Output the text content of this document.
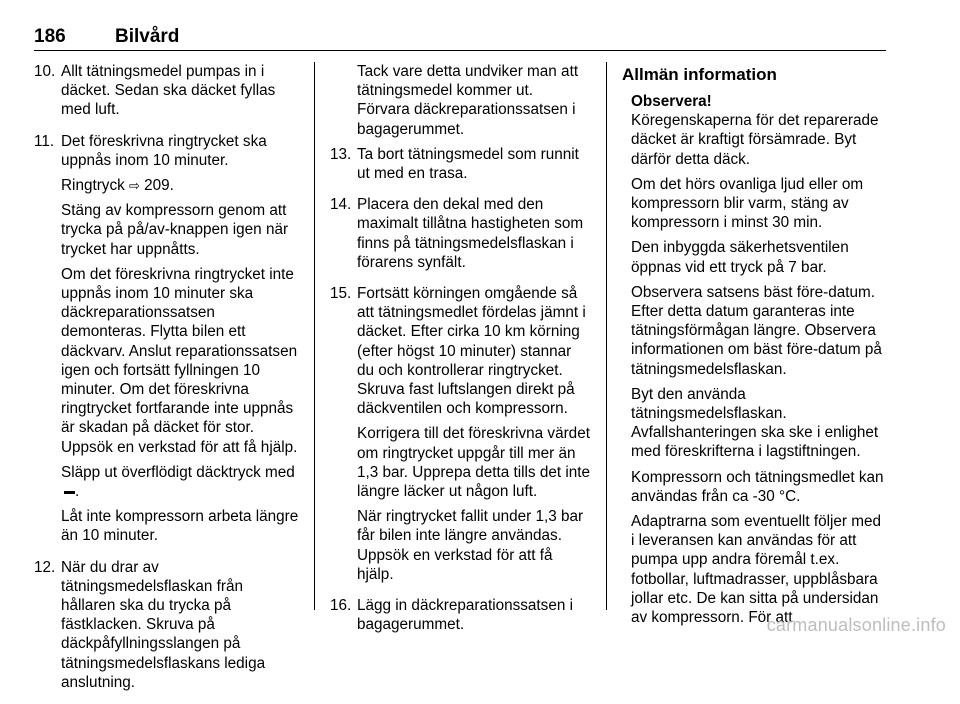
186	Bilvård
10. Allt tätningsmedel pumpas in i däcket. Sedan ska däcket fyllas med luft.
11. Det föreskrivna ringtrycket ska uppnås inom 10 minuter.
Ringtryck ⇨ 209.
Stäng av kompressorn genom att trycka på på/av-knappen igen när trycket har uppnåtts.
Om det föreskrivna ringtrycket inte uppnås inom 10 minuter ska däckreparationssatsen demonteras. Flytta bilen ett däckvarv. Anslut reparationssatsen igen och fortsätt fyllningen 10 minuter. Om det föreskrivna ringtrycket fortfarande inte uppnås är skadan på däcket för stor. Uppsök en verkstad för att få hjälp.
Släpp ut överflödigt däcktryck med .
Låt inte kompressorn arbeta längre än 10 minuter.
12. När du drar av tätningsmedelsflaskan från hållaren ska du trycka på fästklacken. Skruva på däckpåfyllningsslangen på tätningsmedelsflaskans lediga anslutning.
Tack vare detta undviker man att tätningsmedel kommer ut.
Förvara däckreparationssatsen i bagagerummet.
13. Ta bort tätningsmedel som runnit ut med en trasa.
14. Placera den dekal med den maximalt tillåtna hastigheten som finns på tätningsmedelsflaskan i förarens synfält.
15. Fortsätt körningen omgående så att tätningsmedlet fördelas jämnt i däcket. Efter cirka 10 km körning (efter högst 10 minuter) stannar du och kontrollerar ringtrycket. Skruva fast luftslangen direkt på däckventilen och kompressorn.
Korrigera till det föreskrivna värdet om ringtrycket uppgår till mer än 1,3 bar. Upprepa detta tills det inte längre läcker ut någon luft.
När ringtrycket fallit under 1,3 bar får bilen inte längre användas. Uppsök en verkstad för att få hjälp.
16. Lägg in däckreparationssatsen i bagagerummet.
Allmän information
Observera!
Köregenskaperna för det reparerade däcket är kraftigt försämrade. Byt därför detta däck.
Om det hörs ovanliga ljud eller om kompressorn blir varm, stäng av kompressorn i minst 30 min.
Den inbyggda säkerhetsventilen öppnas vid ett tryck på 7 bar.
Observera satsens bäst före-datum. Efter detta datum garanteras inte tätningsförmågan längre. Observera informationen om bäst före-datum på tätningsmedelsflaskan.
Byt den använda tätningsmedelsflaskan. Avfallshanteringen ska ske i enlighet med föreskrifterna i lagstiftningen.
Kompressorn och tätningsmedlet kan användas från ca -30 °C.
Adaptrarna som eventuellt följer med i leveransen kan användas för att pumpa upp andra föremål t.ex. fotbollar, luftmadrasser, uppblåsbara jollar etc. De kan sitta på undersidan av kompressorn. För att
carmanualsonline.info
